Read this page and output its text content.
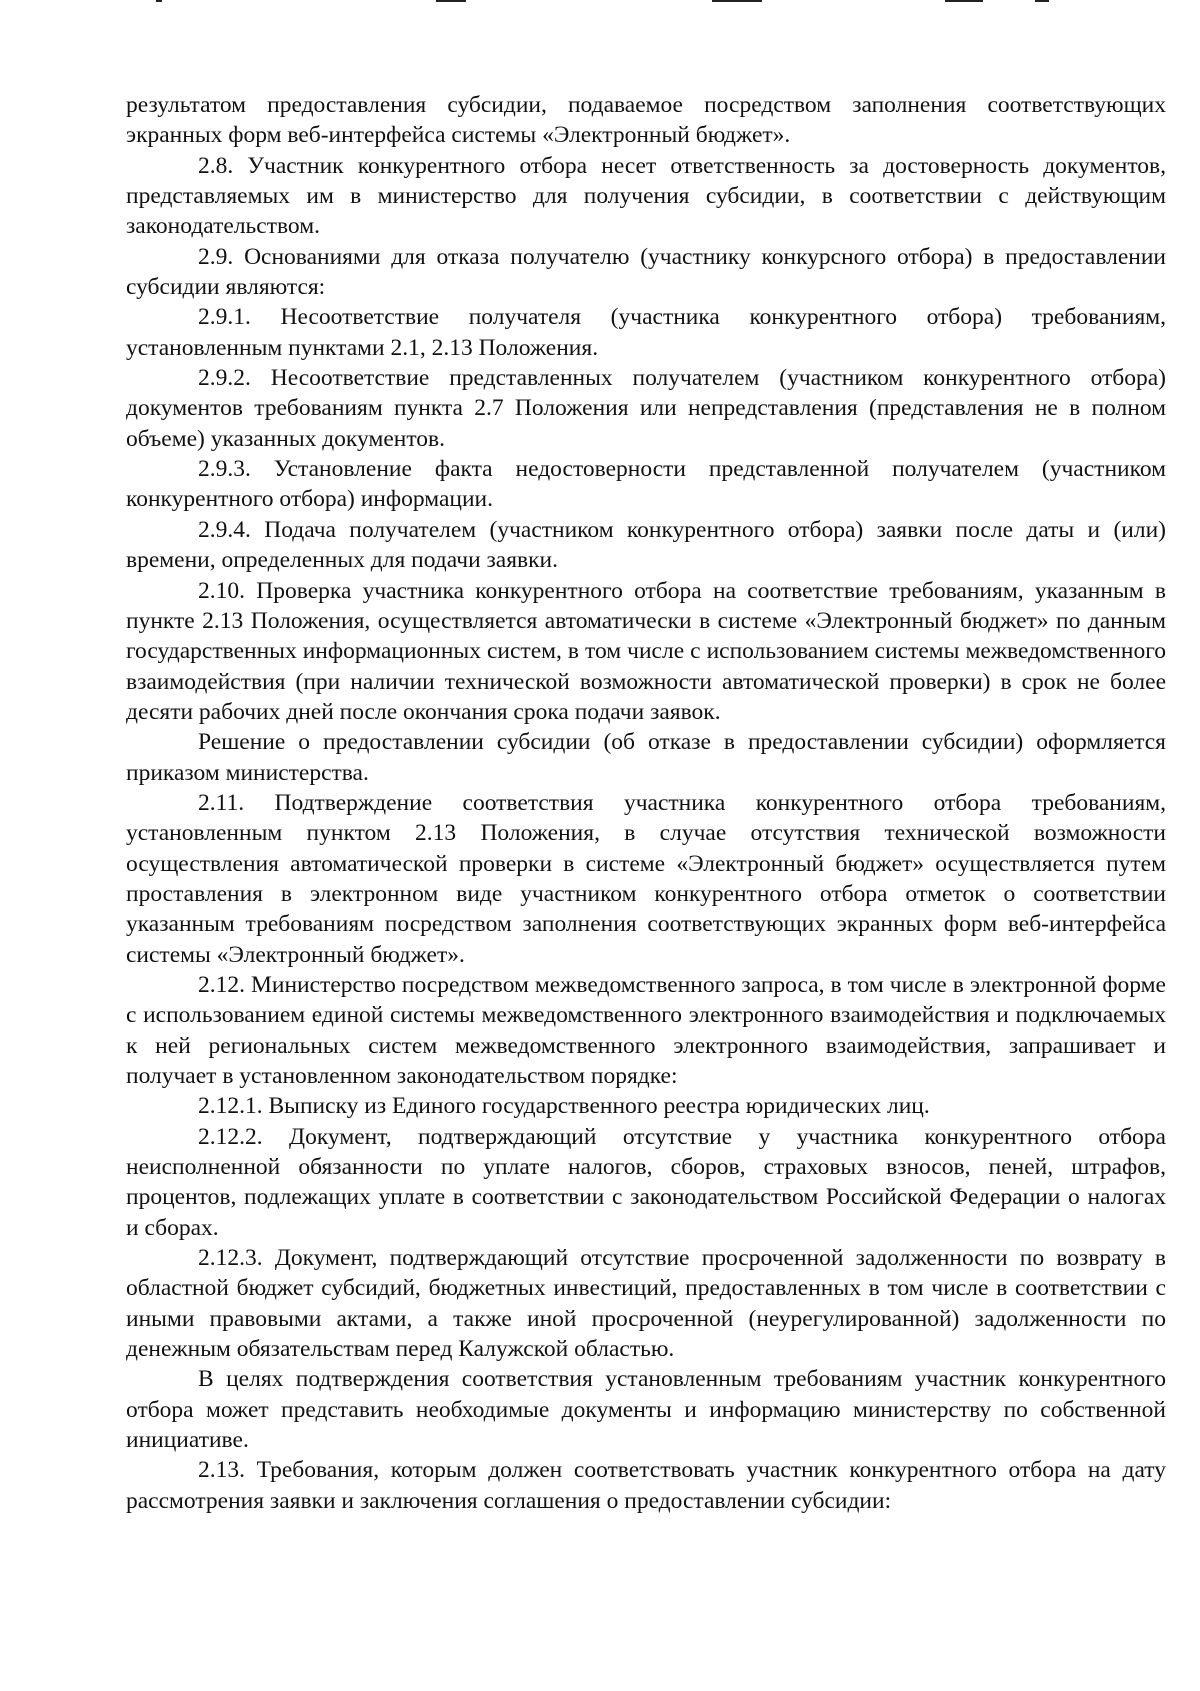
результатом предоставления субсидии, подаваемое посредством заполнения соответствующих экранных форм веб-интерфейса системы «Электронный бюджет».

2.8. Участник конкурентного отбора несет ответственность за достоверность документов, представляемых им в министерство для получения субсидии, в соответствии с действующим законодательством.

2.9. Основаниями для отказа получателю (участнику конкурсного отбора) в предоставлении субсидии являются:

2.9.1. Несоответствие получателя (участника конкурентного отбора) требованиям, установленным пунктами 2.1, 2.13 Положения.

2.9.2. Несоответствие представленных получателем (участником конкурентного отбора) документов требованиям пункта 2.7 Положения или непредставления (представления не в полном объеме) указанных документов.

2.9.3. Установление факта недостоверности представленной получателем (участником конкурентного отбора) информации.

2.9.4. Подача получателем (участником конкурентного отбора) заявки после даты и (или) времени, определенных для подачи заявки.

2.10. Проверка участника конкурентного отбора на соответствие требованиям, указанным в пункте 2.13 Положения, осуществляется автоматически в системе «Электронный бюджет» по данным государственных информационных систем, в том числе с использованием системы межведомственного взаимодействия (при наличии технической возможности автоматической проверки) в срок не более десяти рабочих дней после окончания срока подачи заявок.

Решение о предоставлении субсидии (об отказе в предоставлении субсидии) оформляется приказом министерства.

2.11. Подтверждение соответствия участника конкурентного отбора требованиям, установленным пунктом 2.13 Положения, в случае отсутствия технической возможности осуществления автоматической проверки в системе «Электронный бюджет» осуществляется путем проставления в электронном виде участником конкурентного отбора отметок о соответствии указанным требованиям посредством заполнения соответствующих экранных форм веб-интерфейса системы «Электронный бюджет».

2.12. Министерство посредством межведомственного запроса, в том числе в электронной форме с использованием единой системы межведомственного электронного взаимодействия и подключаемых к ней региональных систем межведомственного электронного взаимодействия, запрашивает и получает в установленном законодательством порядке:

2.12.1. Выписку из Единого государственного реестра юридических лиц.

2.12.2. Документ, подтверждающий отсутствие у участника конкурентного отбора неисполненной обязанности по уплате налогов, сборов, страховых взносов, пеней, штрафов, процентов, подлежащих уплате в соответствии с законодательством Российской Федерации о налогах и сборах.

2.12.3. Документ, подтверждающий отсутствие просроченной задолженности по возврату в областной бюджет субсидий, бюджетных инвестиций, предоставленных в том числе в соответствии с иными правовыми актами, а также иной просроченной (неурегулированной) задолженности по денежным обязательствам перед Калужской областью.

В целях подтверждения соответствия установленным требованиям участник конкурентного отбора может представить необходимые документы и информацию министерству по собственной инициативе.

2.13. Требования, которым должен соответствовать участник конкурентного отбора на дату рассмотрения заявки и заключения соглашения о предоставлении субсидии:
